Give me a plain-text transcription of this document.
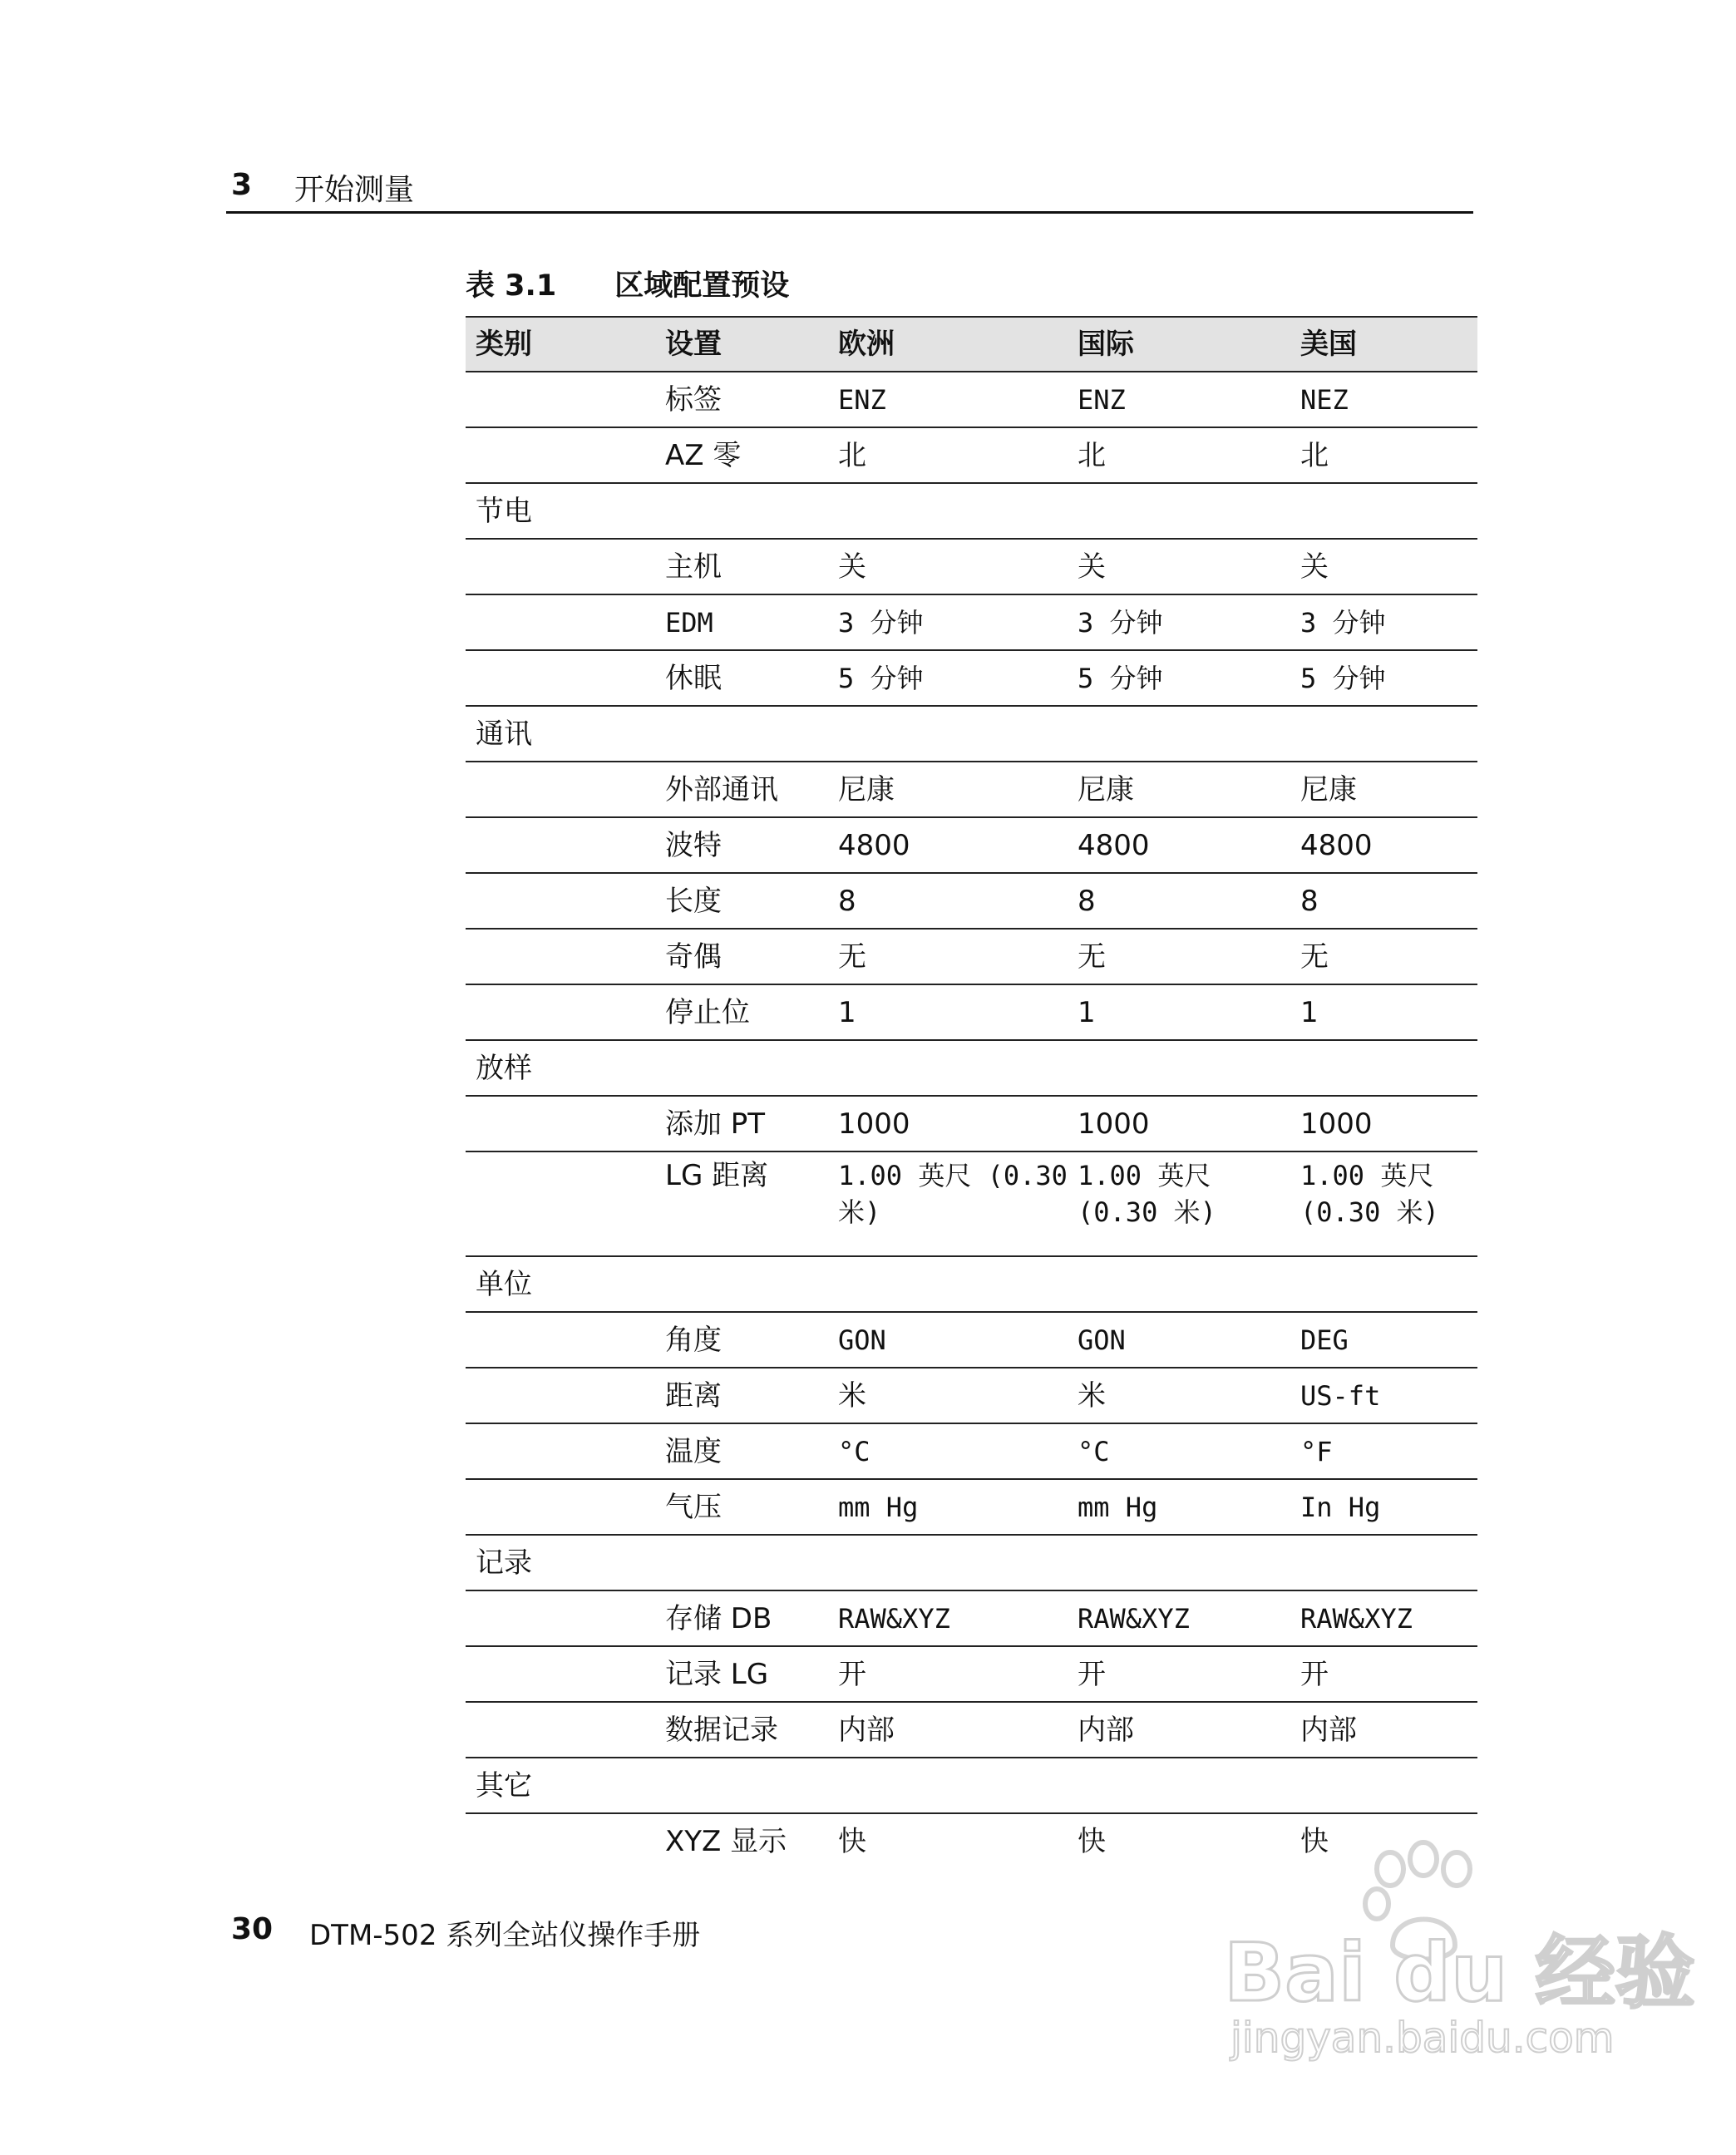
3 开始测量
表 3.1 区域配置预设
类别	设置	欧洲	国际	美国
	标签	ENZ	ENZ	NEZ
	AZ 零	北	北	北
节电				
	主机	关	关	关
	EDM	3 分钟	3 分钟	3 分钟
	休眠	5 分钟	5 分钟	5 分钟
通讯				
	外部通讯	尼康	尼康	尼康
	波特	4800	4800	4800
	长度	8	8	8
	奇偶	无	无	无
	停止位	1	1	1
放样				
	添加 PT	1000	1000	1000
	LG 距离	1.00 英尺 (0.30 米)	1.00 英尺 (0.30 米)	1.00 英尺 (0.30 米)
单位				
	角度	GON	GON	DEG
	距离	米	米	US-ft
	温度	°C	°C	°F
	气压	mm Hg	mm Hg	In Hg
记录				
	存储 DB	RAW&XYZ	RAW&XYZ	RAW&XYZ
	记录 LG	开	开	开
	数据记录	内部	内部	内部
其它				
	XYZ 显示	快	快	快
30 DTM-502 系列全站仪操作手册	Bai du 经验
jingyan.baidu.com
